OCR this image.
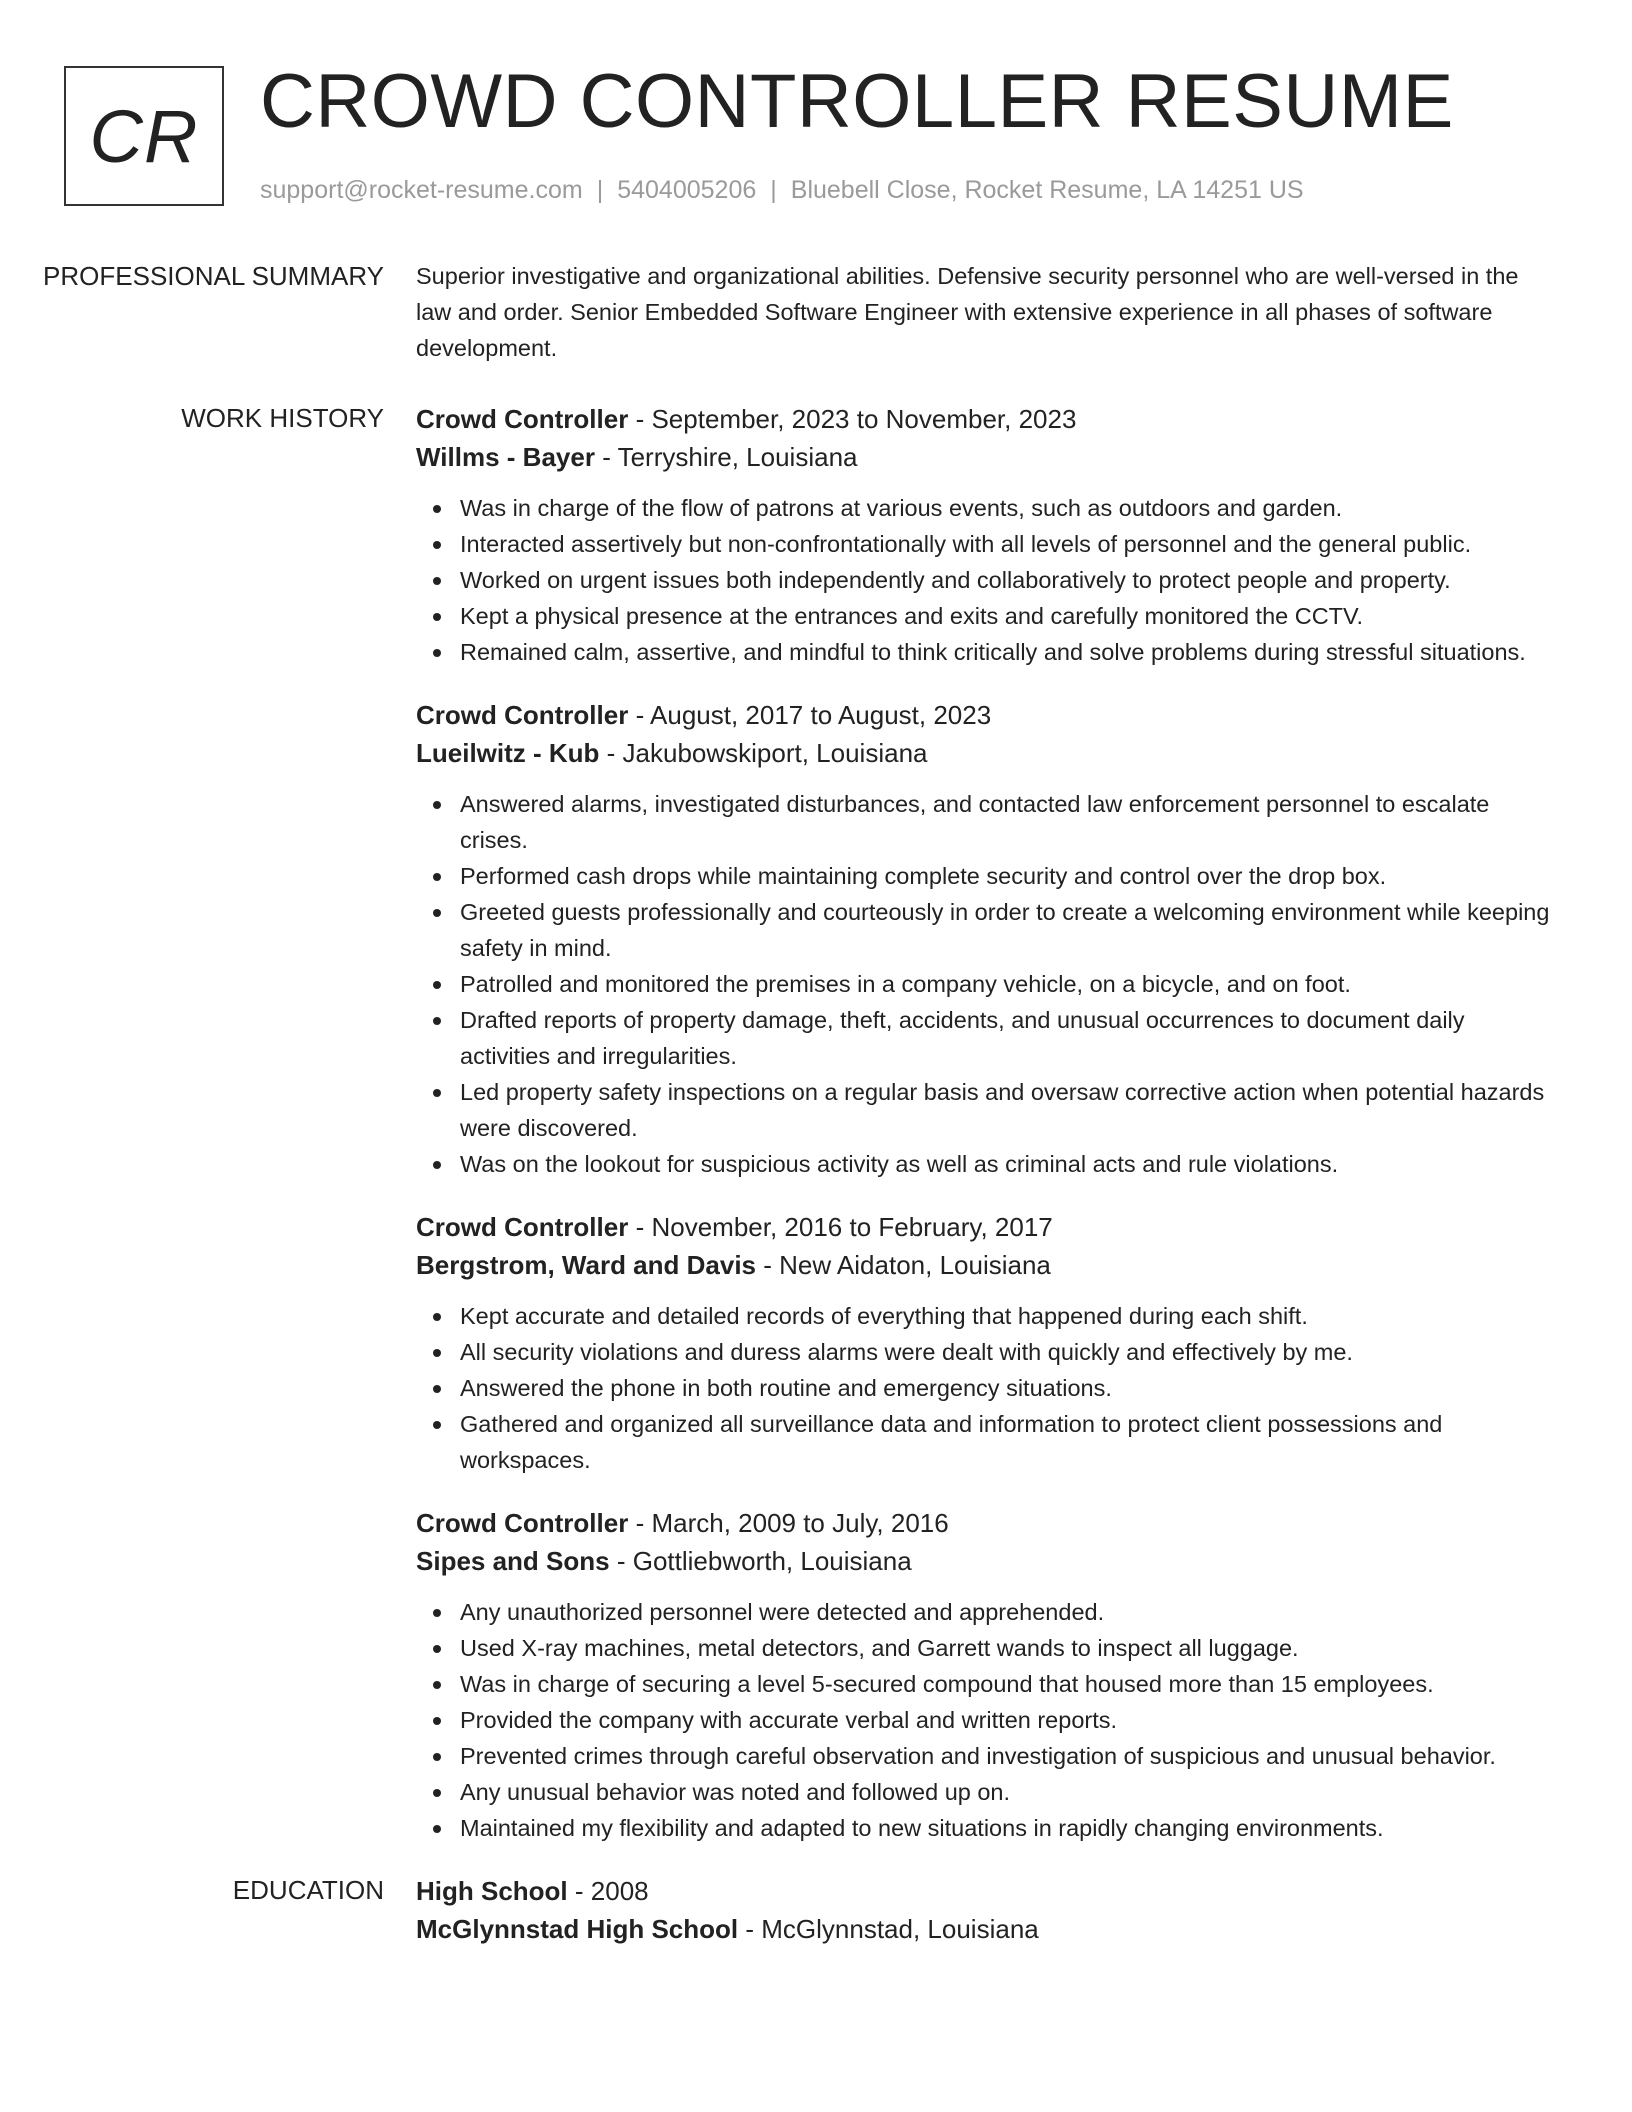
CR CROWD CONTROLLER RESUME
support@rocket-resume.com | 5404005206 | Bluebell Close, Rocket Resume, LA 14251 US
PROFESSIONAL SUMMARY	Superior investigative and organizational abilities. Defensive security personnel who are well-versed in the law and order. Senior Embedded Software Engineer with extensive experience in all phases of software development.

WORK HISTORY	Crowd Controller - September, 2023 to November, 2023
Willms - Bayer - Terryshire, Louisiana
Was in charge of the flow of patrons at various events, such as outdoors and garden.
Interacted assertively but non-confrontationally with all levels of personnel and the general public.
Worked on urgent issues both independently and collaboratively to protect people and property.
Kept a physical presence at the entrances and exits and carefully monitored the CCTV.
Remained calm, assertive, and mindful to think critically and solve problems during stressful situations.
Crowd Controller - August, 2017 to August, 2023
Lueilwitz - Kub - Jakubowskiport, Louisiana
Answered alarms, investigated disturbances, and contacted law enforcement personnel to escalate crises.
Performed cash drops while maintaining complete security and control over the drop box.
Greeted guests professionally and courteously in order to create a welcoming environment while keeping safety in mind.
Patrolled and monitored the premises in a company vehicle, on a bicycle, and on foot.
Drafted reports of property damage, theft, accidents, and unusual occurrences to document daily activities and irregularities.
Led property safety inspections on a regular basis and oversaw corrective action when potential hazards were discovered.
Was on the lookout for suspicious activity as well as criminal acts and rule violations.
Crowd Controller - November, 2016 to February, 2017
Bergstrom, Ward and Davis - New Aidaton, Louisiana
Kept accurate and detailed records of everything that happened during each shift.
All security violations and duress alarms were dealt with quickly and effectively by me.
Answered the phone in both routine and emergency situations.
Gathered and organized all surveillance data and information to protect client possessions and workspaces.
Crowd Controller - March, 2009 to July, 2016
Sipes and Sons - Gottliebworth, Louisiana
Any unauthorized personnel were detected and apprehended.
Used X-ray machines, metal detectors, and Garrett wands to inspect all luggage.
Was in charge of securing a level 5-secured compound that housed more than 15 employees.
Provided the company with accurate verbal and written reports.
Prevented crimes through careful observation and investigation of suspicious and unusual behavior.
Any unusual behavior was noted and followed up on.
Maintained my flexibility and adapted to new situations in rapidly changing environments.
EDUCATION	High School - 2008
McGlynnstad High School - McGlynnstad, Louisiana
